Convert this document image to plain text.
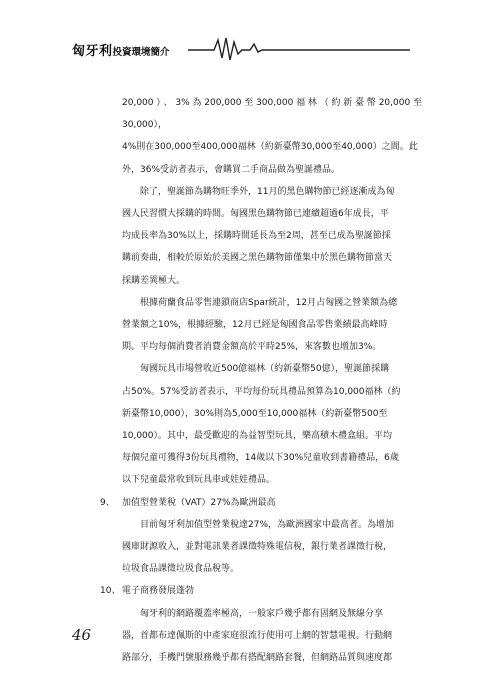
匈牙利投資環境簡介

20,000）、3%為200,000至300,000福林（約新臺幣20,000至30,000），

4%則在300,000至400,000福林（約新臺幣30,000至40,000）之間。此

外，36%受訪者表示，會購買二手商品做為聖誕禮品。

除了，聖誕節為購物旺季外，11月的黑色購物節已經逐漸成為匈

國人民習慣大採購的時間。匈國黑色購物節已連續超過6年成長，平

均成長率為30%以上，採購時間延長為至2周，甚至已成為聖誕節採

購前奏曲，相較於原始於美國之黑色購物節僅集中於黑色購物節當天

採購差異極大。

根據荷蘭食品零售連鎖商店Spar統計，12月占匈國之營業額為總

營業額之10%，根據經驗，12月已經是匈國食品零售業績最高峰時

期。平均每個消費者消費金額高於平時25%，來客數也增加3%。

匈國玩具市場營收近500億福林（約新臺幣50億），聖誕節採購

占50%。57%受訪者表示，平均每份玩具禮品預算為10,000福林（約

新臺幣10,000），30%則為5,000至10,000福林（約新臺幣500至

10,000）。其中，最受歡迎的為益智型玩具，樂高積木禮盒組。平均

每個兒童可獲得3份玩具禮物，14歲以下30%兒童收到書籍禮品，6歲

以下兒童最常收到玩具車或娃娃禮品。

9、 加值型營業稅（VAT）27%為歐洲最高

目前匈牙利加值型營業稅達27%，為歐洲國家中最高者。為增加

國庫財源收入，並對電訊業者課徵特殊電信稅，銀行業者課徵行稅，

垃圾食品課徵垃圾食品稅等。

10、 電子商務發展蓬勃

匈牙利的網路覆蓋率極高，一般家戶幾乎都有固網及無線分享

器，首都布達佩斯的中產家庭很流行使用可上網的智慧電視。行動網

路部分，手機門號服務幾乎都有搭配網路套餐，但網路品質與速度都

46
